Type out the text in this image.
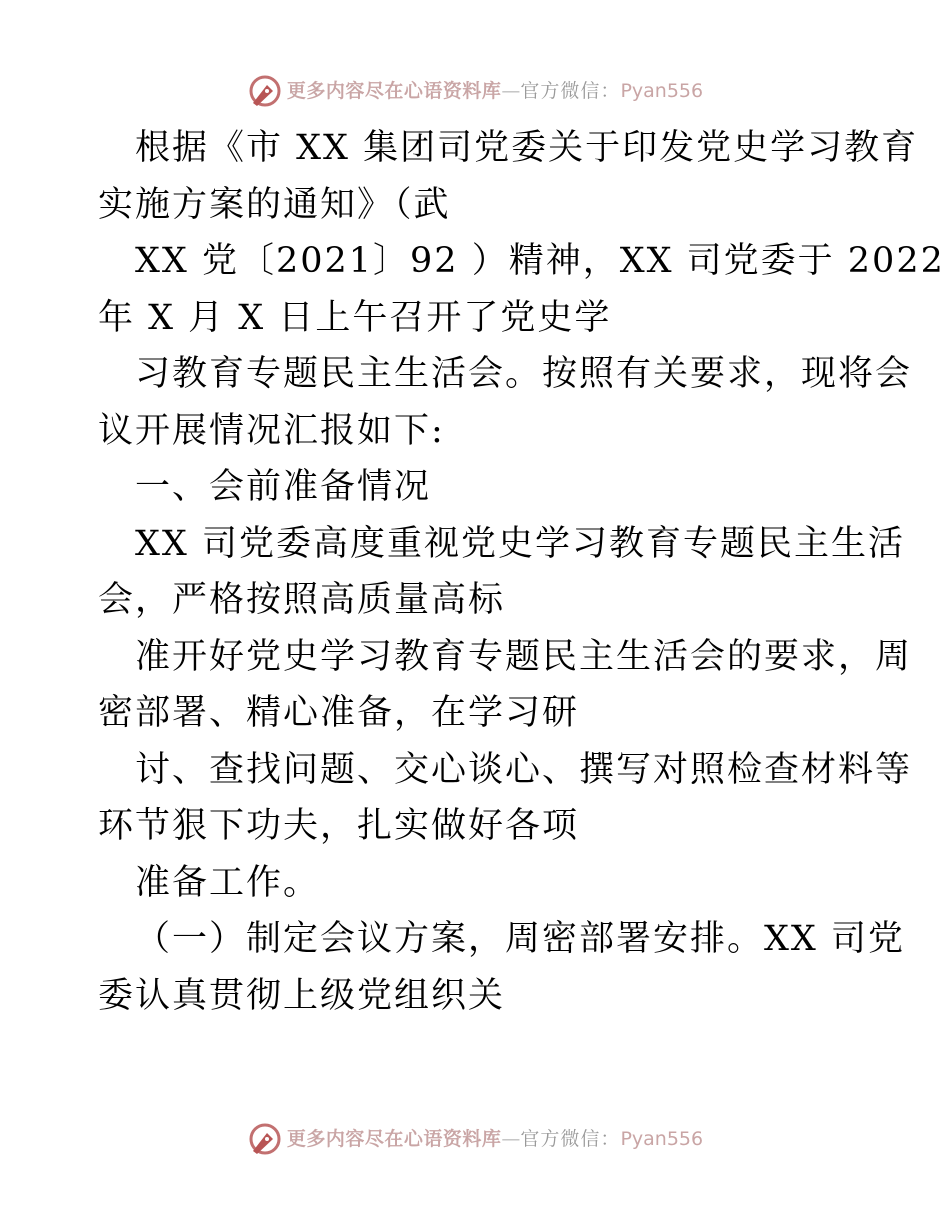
更多内容尽在心语资料库 — 官方微信： Pyan556
根据《市 XX 集团司党委关于印发党史学习教育
实施方案的通知》（武
XX 党〔2021〕92 ）精神，XX 司党委于 2022
年 X 月 X 日上午召开了党史学
习教育专题民主生活会。按照有关要求，现将会
议开展情况汇报如下:
一、会前准备情况
XX 司党委高度重视党史学习教育专题民主生活
会，严格按照高质量高标
准开好党史学习教育专题民主生活会的要求，周
密部署、精心准备，在学习研
讨、查找问题、交心谈心、撰写对照检查材料等
环节狠下功夫，扎实做好各项
准备工作。
（一）制定会议方案，周密部署安排。XX 司党
委认真贯彻上级党组织关
更多内容尽在心语资料库 — 官方微信： Pyan556
